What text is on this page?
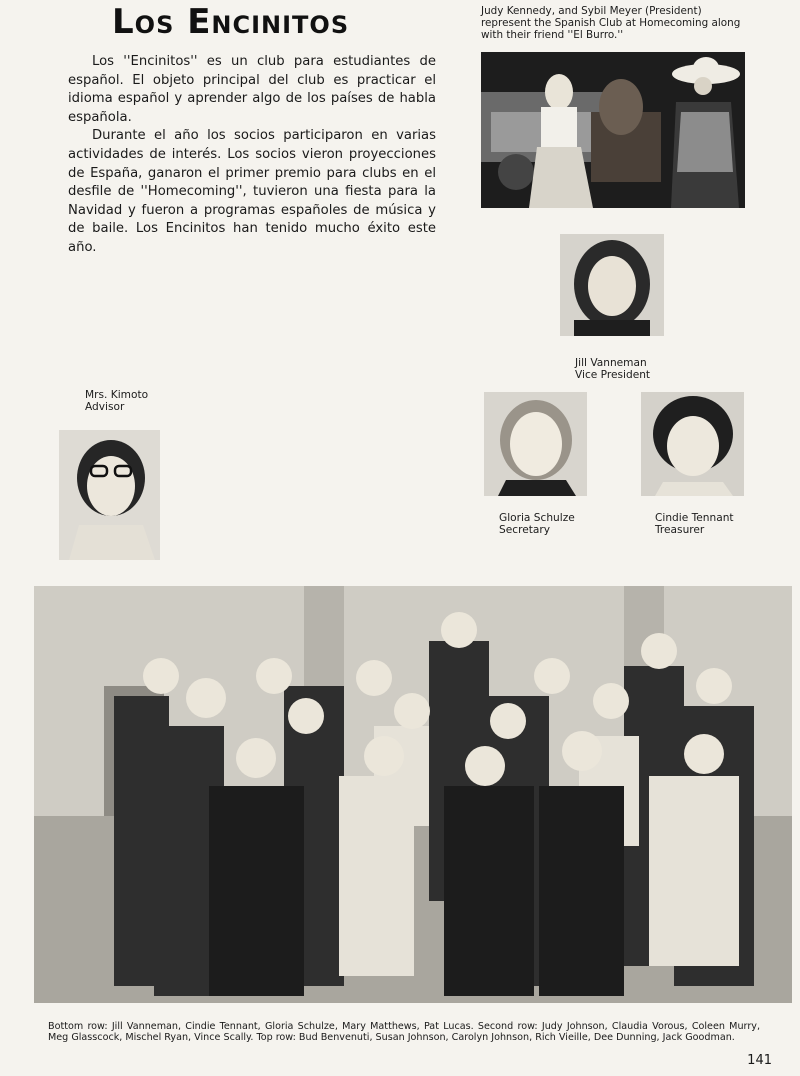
Los Encinitos

Los ''Encinitos'' es un club para estudiantes de español. El objeto principal del club es practicar el idioma español y aprender algo de los países de habla española.

Durante el año los socios participaron en varias actividades de interés. Los socios vieron proyecciones de España, ganaron el primer premio para clubs en el desfile de ''Homecoming'', tuvieron una fiesta para la Navidad y fueron a programas españoles de música y de baile. Los Encinitos han tenido mucho éxito este año.

Judy Kennedy, and Sybil Meyer (President) represent the Spanish Club at Homecoming along with their friend ''El Burro.''
Jill Vanneman
Vice President
Mrs. Kimoto
Advisor
Gloria Schulze
Secretary
Cindie Tennant
Treasurer
Bottom row: Jill Vanneman, Cindie Tennant, Gloria Schulze, Mary Matthews, Pat Lucas. Second row: Judy Johnson, Claudia Vorous, Coleen Murry, Meg Glasscock, Mischel Ryan, Vince Scally. Top row: Bud Benvenuti, Susan Johnson, Carolyn Johnson, Rich Vieille, Dee Dunning, Jack Goodman.
141
